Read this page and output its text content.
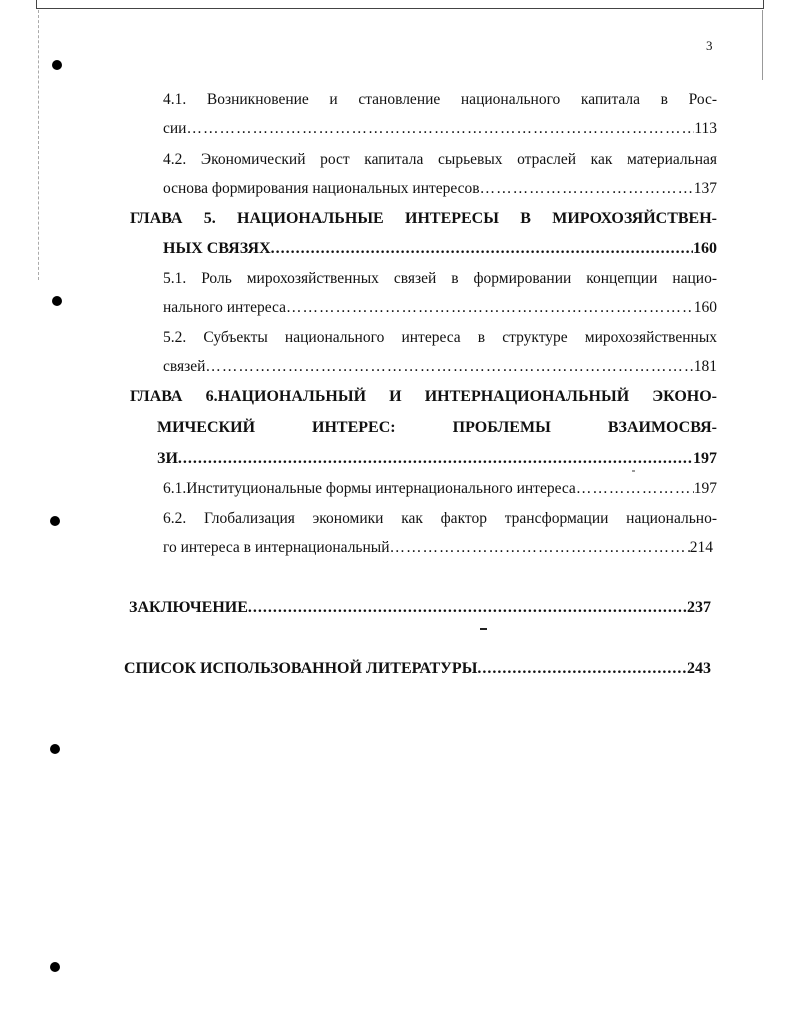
3
4.1. Возникновение и становление национального капитала в Рос-
сии ……………………………………………………………………………………………………………………………………………………………………………………	113
4.2. Экономический рост капитала сырьевых отраслей как материальная
основа формирования национальных интересов ……………………………………………………………………………………………………………………………………………………………………………………	137
ГЛАВА 5. НАЦИОНАЛЬНЫЕ ИНТЕРЕСЫ В МИРОХОЗЯЙСТВЕН-
НЫХ СВЯЗЯХ .....	160
5.1. Роль мирохозяйственных связей в формировании концепции нацио-
нального интереса ……………………………………………………………………………………………………………………………………………………………………………………	160
5.2. Субъекты национального интереса в структуре мирохозяйственных
связей ……………………………………………………………………………………………………………………………………………………………………………………	181
ГЛАВА 6.НАЦИОНАЛЬНЫЙ И ИНТЕРНАЦИОНАЛЬНЫЙ ЭКОНО-
МИЧЕСКИЙ ИНТЕРЕС: ПРОБЛЕМЫ ВЗАИМОСВЯ-
ЗИ .....	197
6.1.Институциональные формы интернационального интереса ……………………………………………………………………………………………………………………………………………………………………………………	197
6.2. Глобализация экономики как фактор трансформации национально-
го интереса в интернациональный ……………………………………………………………………………………………………………………………………………………………………………………	214
ЗАКЛЮЧЕНИЕ .....	237
СПИСОК ИСПОЛЬЗОВАННОЙ ЛИТЕРАТУРЫ .....	243
